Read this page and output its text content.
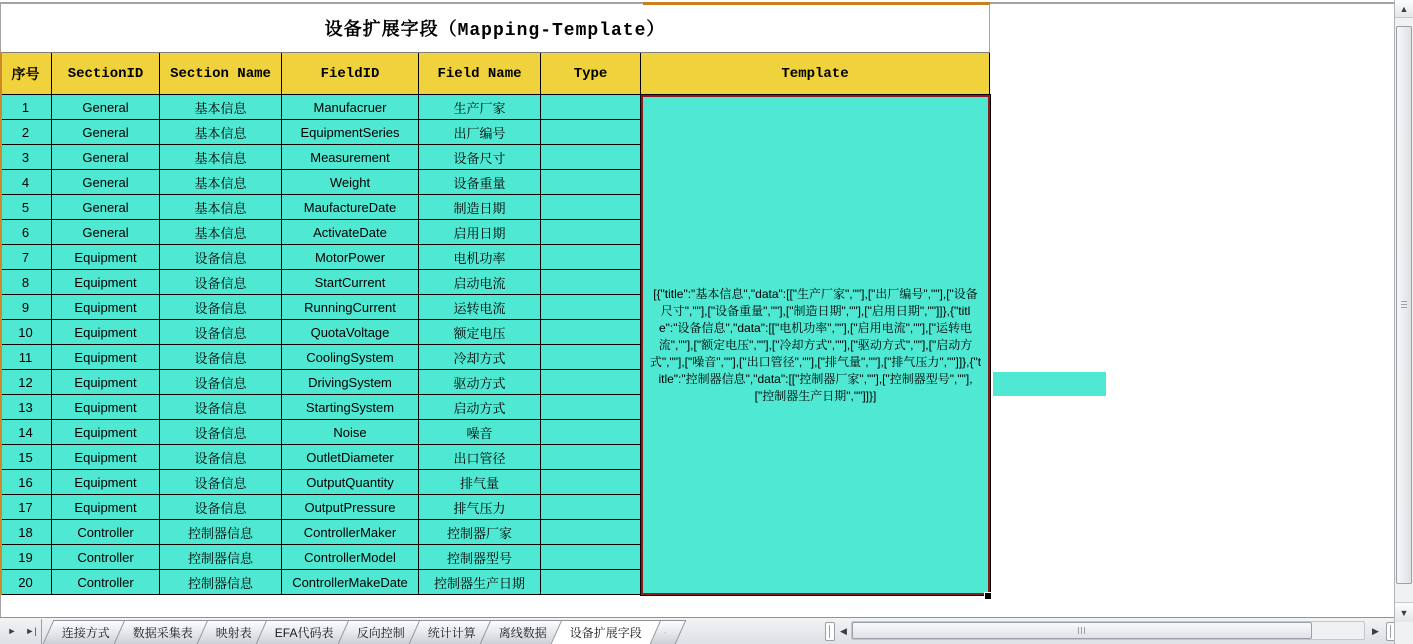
设备扩展字段（Mapping-Template）
序号	SectionID	Section Name	FieldID	Field Name	Type	Template
1	General	基本信息	Manufacruer	生产厂家
2	General	基本信息	EquipmentSeries	出厂编号
3	General	基本信息	Measurement	设备尺寸
4	General	基本信息	Weight	设备重量
5	General	基本信息	MaufactureDate	制造日期
6	General	基本信息	ActivateDate	启用日期
7	Equipment	设备信息	MotorPower	电机功率
8	Equipment	设备信息	StartCurrent	启动电流
9	Equipment	设备信息	RunningCurrent	运转电流
10	Equipment	设备信息	QuotaVoltage	额定电压
11	Equipment	设备信息	CoolingSystem	冷却方式
12	Equipment	设备信息	DrivingSystem	驱动方式
13	Equipment	设备信息	StartingSystem	启动方式
14	Equipment	设备信息	Noise	噪音
15	Equipment	设备信息	OutletDiameter	出口管径
16	Equipment	设备信息	OutputQuantity	排气量
17	Equipment	设备信息	OutputPressure	排气压力
18	Controller	控制器信息	ControllerMaker	控制器厂家
19	Controller	控制器信息	ControllerModel	控制器型号
20	Controller	控制器信息	ControllerMakeDate	控制器生产日期
[{"title":"基本信息","data":[["生产厂家",""],["出厂编号",""],["设备尺寸",""],["设备重量",""],["制造日期",""],["启用日期",""]]},{"title":"设备信息","data":[["电机功率",""],["启用电流",""],["运转电流",""],["额定电压",""],["冷却方式",""],["驱动方式",""],["启动方式",""],["噪音",""],["出口管径",""],["排气量",""],["排气压力",""]]},{"title":"控制器信息","data":[["控制器厂家",""],["控制器型号",""],["控制器生产日期",""]]}]
► ►| 连接方式 数据采集表 映射表 EFA代码表 反向控制 统计计算 离线数据 设备扩展字段	◀	▶
▲
▼
